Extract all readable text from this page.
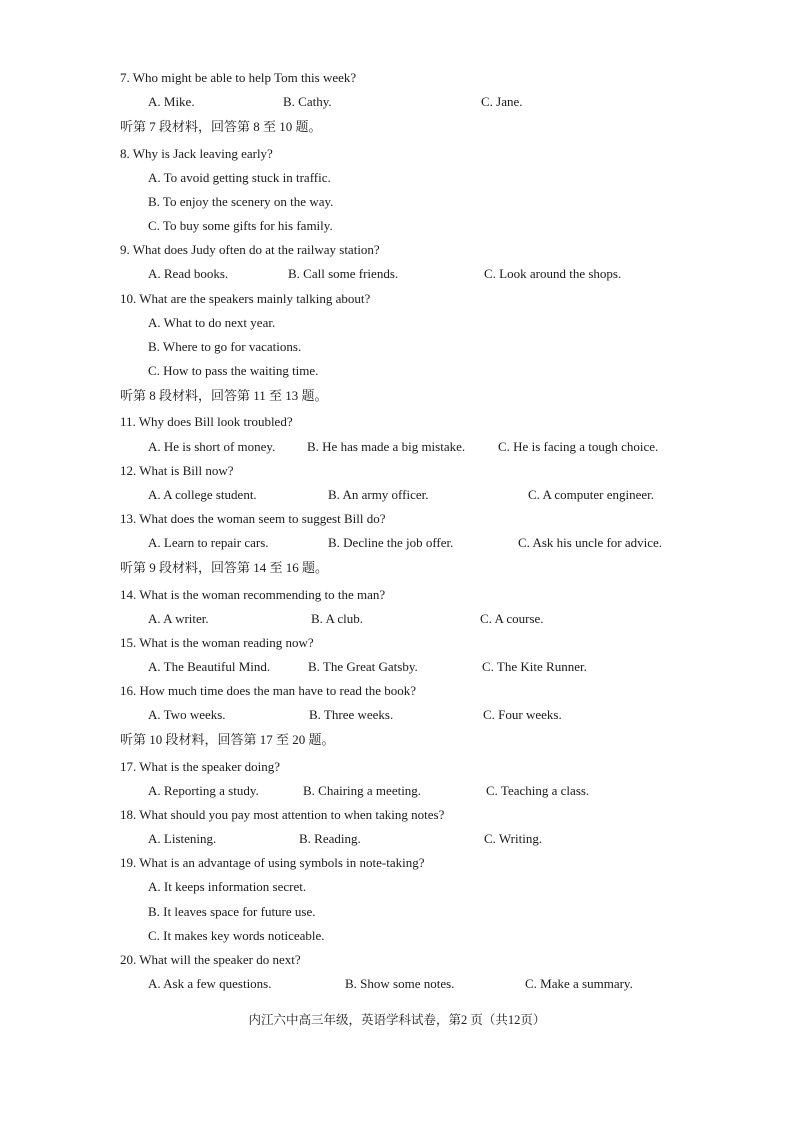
7. Who might be able to help Tom this week?
A. Mike.	B. Cathy.	C. Jane.
听第 7 段材料，回答第 8 至 10 题。
8. Why is Jack leaving early?
A. To avoid getting stuck in traffic.
B. To enjoy the scenery on the way.
C. To buy some gifts for his family.
9. What does Judy often do at the railway station?
A. Read books.	B. Call some friends.	C. Look around the shops.
10. What are the speakers mainly talking about?
A. What to do next year.
B. Where to go for vacations.
C. How to pass the waiting time.
听第 8 段材料，回答第 11 至 13 题。
11. Why does Bill look troubled?
A. He is short of money. B. He has made a big mistake.	C. He is facing a tough choice.
12. What is Bill now?
A. A college student.	B. An army officer.	C. A computer engineer.
13. What does the woman seem to suggest Bill do?
A. Learn to repair cars.	B. Decline the job offer.	C. Ask his uncle for advice.
听第 9 段材料，回答第 14 至 16 题。
14. What is the woman recommending to the man?
A. A writer.	B. A club.	C. A course.
15. What is the woman reading now?
A. The Beautiful Mind.	B. The Great Gatsby.	C. The Kite Runner.
16. How much time does the man have to read the book?
A. Two weeks.	B. Three weeks.	C. Four weeks.
听第 10 段材料，回答第 17 至 20 题。
17. What is the speaker doing?
A. Reporting a study.	B. Chairing a meeting.	C. Teaching a class.
18. What should you pay most attention to when taking notes?
A. Listening.	B. Reading.	C. Writing.
19. What is an advantage of using symbols in note-taking?
A. It keeps information secret.
B. It leaves space for future use.
C. It makes key words noticeable.
20. What will the speaker do next?
A. Ask a few questions.	B. Show some notes.	C. Make a summary.
内江六中高三年级，英语学科试卷，第2 页（共12页）
